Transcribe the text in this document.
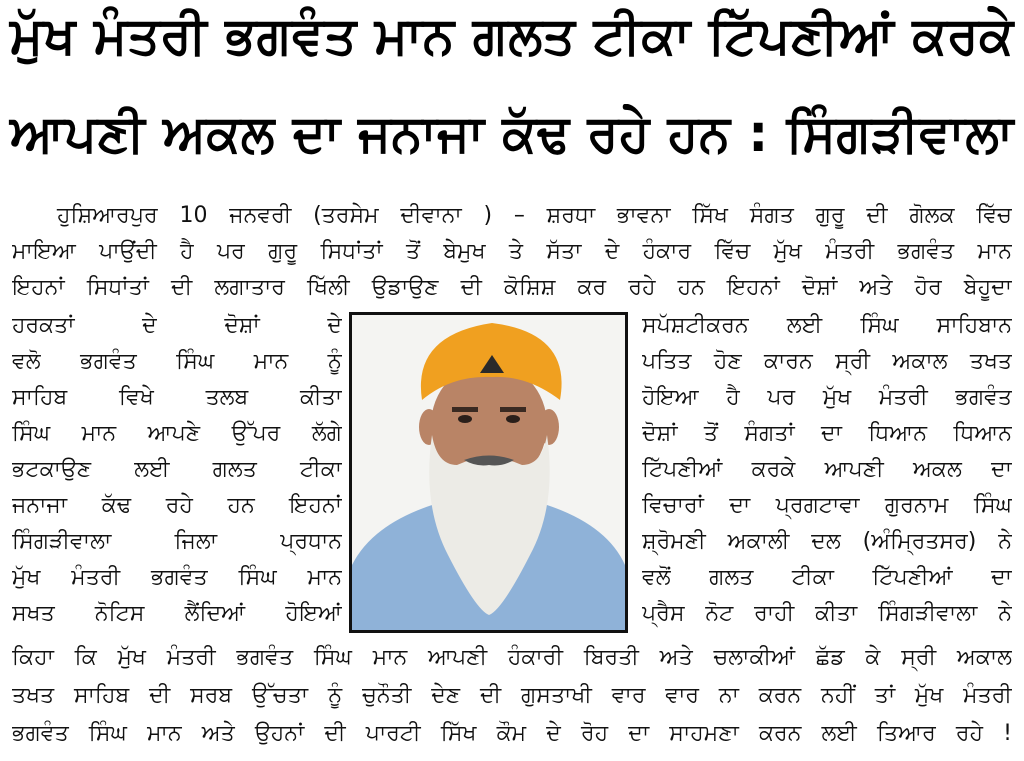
ਮੁੱਖ ਮੰਤਰੀ ਭਗਵੰਤ ਮਾਨ ਗਲਤ ਟੀਕਾ ਟਿੱਪਣੀਆਂ ਕਰਕੇ
ਆਪਣੀ ਅਕਲ ਦਾ ਜਨਾਜਾ ਕੱਢ ਰਹੇ ਹਨ : ਸਿੰਗੜੀਵਾਲਾ

ਹੁਸ਼ਿਆਰਪੁਰ 10 ਜਨਵਰੀ (ਤਰਸੇਮ ਦੀਵਾਨਾ ) – ਸ਼ਰਧਾ ਭਾਵਨਾ ਸਿੱਖ ਸੰਗਤ ਗੁਰੂ ਦੀ ਗੋਲਕ ਵਿੱਚ

ਮਾਇਆ ਪਾਉਂਦੀ ਹੈ ਪਰ ਗੁਰੂ ਸਿਧਾਂਤਾਂ ਤੋਂ ਬੇਮੁਖ ਤੇ ਸੱਤਾ ਦੇ ਹੰਕਾਰ ਵਿੱਚ ਮੁੱਖ ਮੰਤਰੀ ਭਗਵੰਤ ਮਾਨ

ਇਹਨਾਂ ਸਿਧਾਂਤਾਂ ਦੀ ਲਗਾਤਾਰ ਖਿੱਲੀ ਉਡਾਉਣ ਦੀ ਕੋਸ਼ਿਸ਼ ਕਰ ਰਹੇ ਹਨ ਇਹਨਾਂ ਦੋਸ਼ਾਂ ਅਤੇ ਹੋਰ ਬੇਹੂਦਾ

ਹਰਕਤਾਂ ਦੇ ਦੋਸ਼ਾਂ ਦੇ

ਵਲੋ ਭਗਵੰਤ ਸਿੰਘ ਮਾਨ ਨੂੰ

ਸਾਹਿਬ ਵਿਖੇ ਤਲਬ ਕੀਤਾ

ਸਿੰਘ ਮਾਨ ਆਪਣੇ ਉੱਪਰ ਲੱਗੇ

ਭਟਕਾਉਣ ਲਈ ਗਲਤ ਟੀਕਾ

ਜਨਾਜਾ ਕੱਢ ਰਹੇ ਹਨ ਇਹਨਾਂ

ਸਿੰਗੜੀਵਾਲਾ ਜਿਲਾ ਪ੍ਰਧਾਨ

ਮੁੱਖ ਮੰਤਰੀ ਭਗਵੰਤ ਸਿੰਘ ਮਾਨ

ਸਖਤ ਨੋਟਿਸ ਲੈਂਦਿਆਂ ਹੋਇਆਂ

ਸਪੱਸ਼ਟੀਕਰਨ ਲਈ ਸਿੰਘ ਸਾਹਿਬਾਨ

ਪਤਿਤ ਹੋਣ ਕਾਰਨ ਸ੍ਰੀ ਅਕਾਲ ਤਖਤ

ਹੋਇਆ ਹੈ ਪਰ ਮੁੱਖ ਮੰਤਰੀ ਭਗਵੰਤ

ਦੋਸ਼ਾਂ ਤੋਂ ਸੰਗਤਾਂ ਦਾ ਧਿਆਨ ਧਿਆਨ

ਟਿੱਪਣੀਆਂ ਕਰਕੇ ਆਪਣੀ ਅਕਲ ਦਾ

ਵਿਚਾਰਾਂ ਦਾ ਪ੍ਰਗਟਾਵਾ ਗੁਰਨਾਮ ਸਿੰਘ

ਸ਼੍ਰੋਮਣੀ ਅਕਾਲੀ ਦਲ (ਅੰਮ੍ਰਿਤਸਰ) ਨੇ

ਵਲੋਂ ਗਲਤ ਟੀਕਾ ਟਿੱਪਣੀਆਂ ਦਾ

ਪ੍ਰੈਸ ਨੋਟ ਰਾਹੀ ਕੀਤਾ ਸਿੰਗੜੀਵਾਲਾ ਨੇ

ਕਿਹਾ ਕਿ ਮੁੱਖ ਮੰਤਰੀ ਭਗਵੰਤ ਸਿੰਘ ਮਾਨ ਆਪਣੀ ਹੰਕਾਰੀ ਬਿਰਤੀ ਅਤੇ ਚਲਾਕੀਆਂ ਛੱਡ ਕੇ ਸ੍ਰੀ ਅਕਾਲ

ਤਖਤ ਸਾਹਿਬ ਦੀ ਸਰਬ ਉੱਚਤਾ ਨੂੰ ਚੁਨੌਤੀ ਦੇਣ ਦੀ ਗੁਸਤਾਖੀ ਵਾਰ ਵਾਰ ਨਾ ਕਰਨ ਨਹੀਂ ਤਾਂ ਮੁੱਖ ਮੰਤਰੀ

ਭਗਵੰਤ ਸਿੰਘ ਮਾਨ ਅਤੇ ਉਹਨਾਂ ਦੀ ਪਾਰਟੀ ਸਿੱਖ ਕੌਮ ਦੇ ਰੋਹ ਦਾ ਸਾਹਮਣਾ ਕਰਨ ਲਈ ਤਿਆਰ ਰਹੇ !
